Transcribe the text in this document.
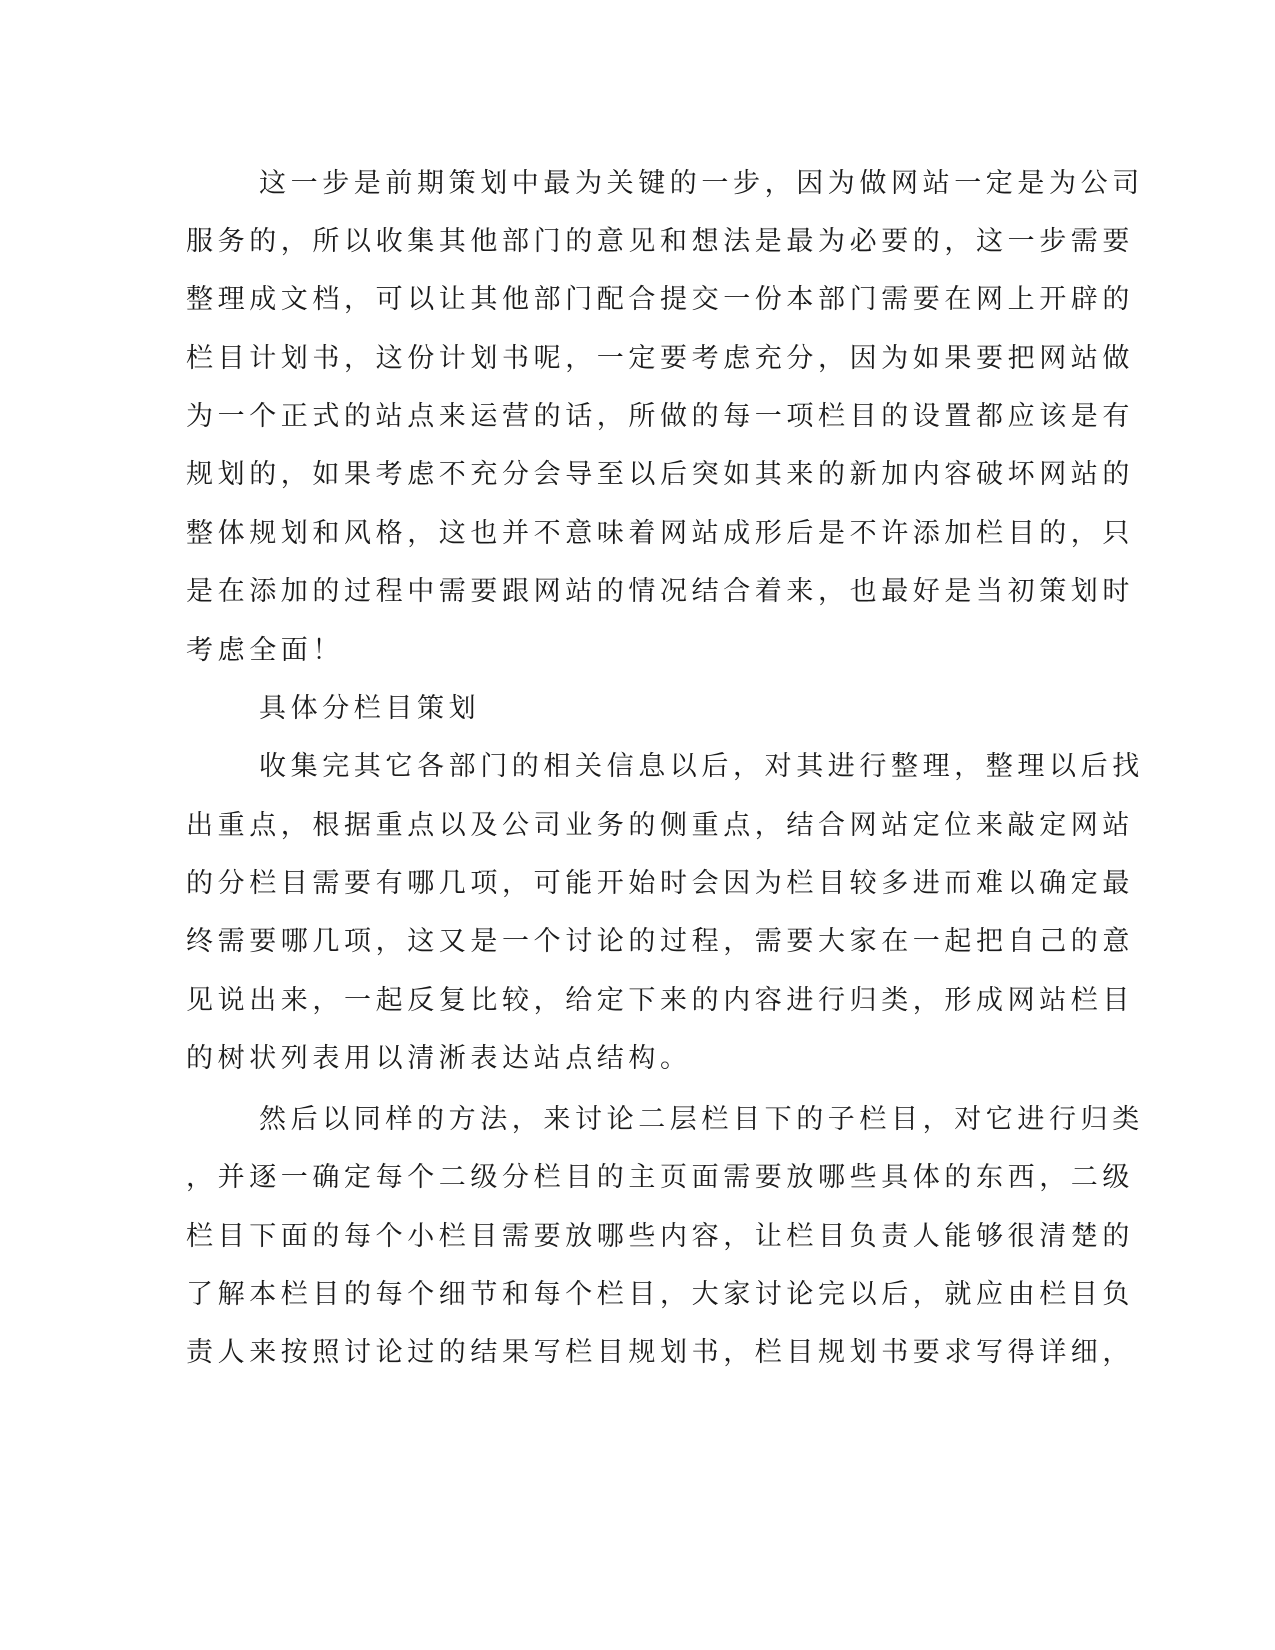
这一步是前期策划中最为关键的一步，因为做网站一定是为公司

服务的，所以收集其他部门的意见和想法是最为必要的，这一步需要

整理成文档，可以让其他部门配合提交一份本部门需要在网上开辟的

栏目计划书，这份计划书呢，一定要考虑充分，因为如果要把网站做

为一个正式的站点来运营的话，所做的每一项栏目的设置都应该是有

规划的，如果考虑不充分会导至以后突如其来的新加内容破坏网站的

整体规划和风格，这也并不意味着网站成形后是不许添加栏目的，只

是在添加的过程中需要跟网站的情况结合着来，也最好是当初策划时

考虑全面！

具体分栏目策划

收集完其它各部门的相关信息以后，对其进行整理，整理以后找

出重点，根据重点以及公司业务的侧重点，结合网站定位来敲定网站

的分栏目需要有哪几项，可能开始时会因为栏目较多进而难以确定最

终需要哪几项，这又是一个讨论的过程，需要大家在一起把自己的意

见说出来，一起反复比较，给定下来的内容进行归类，形成网站栏目

的树状列表用以清淅表达站点结构。

然后以同样的方法，来讨论二层栏目下的子栏目，对它进行归类

，并逐一确定每个二级分栏目的主页面需要放哪些具体的东西，二级

栏目下面的每个小栏目需要放哪些内容，让栏目负责人能够很清楚的

了解本栏目的每个细节和每个栏目，大家讨论完以后，就应由栏目负

责人来按照讨论过的结果写栏目规划书，栏目规划书要求写得详细，
